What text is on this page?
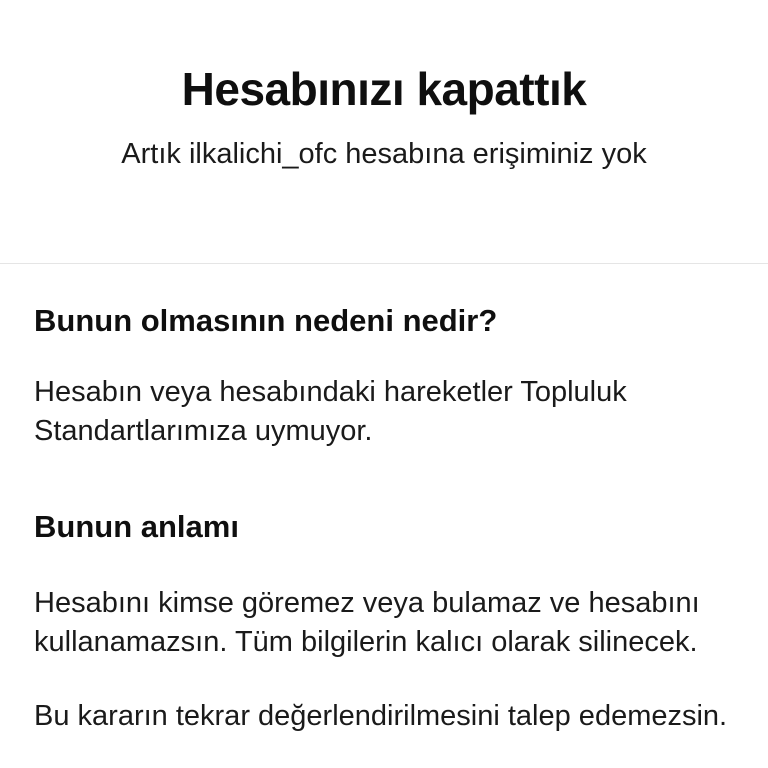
Hesabınızı kapattık

Artık ilkalichi_ofc hesabına erişiminiz yok

Bunun olmasının nedeni nedir?

Hesabın veya hesabındaki hareketler Topluluk Standartlarımıza uymuyor.

Bunun anlamı

Hesabını kimse göremez veya bulamaz ve hesabını kullanamazsın. Tüm bilgilerin kalıcı olarak silinecek.

Bu kararın tekrar değerlendirilmesini talep edemezsin.
